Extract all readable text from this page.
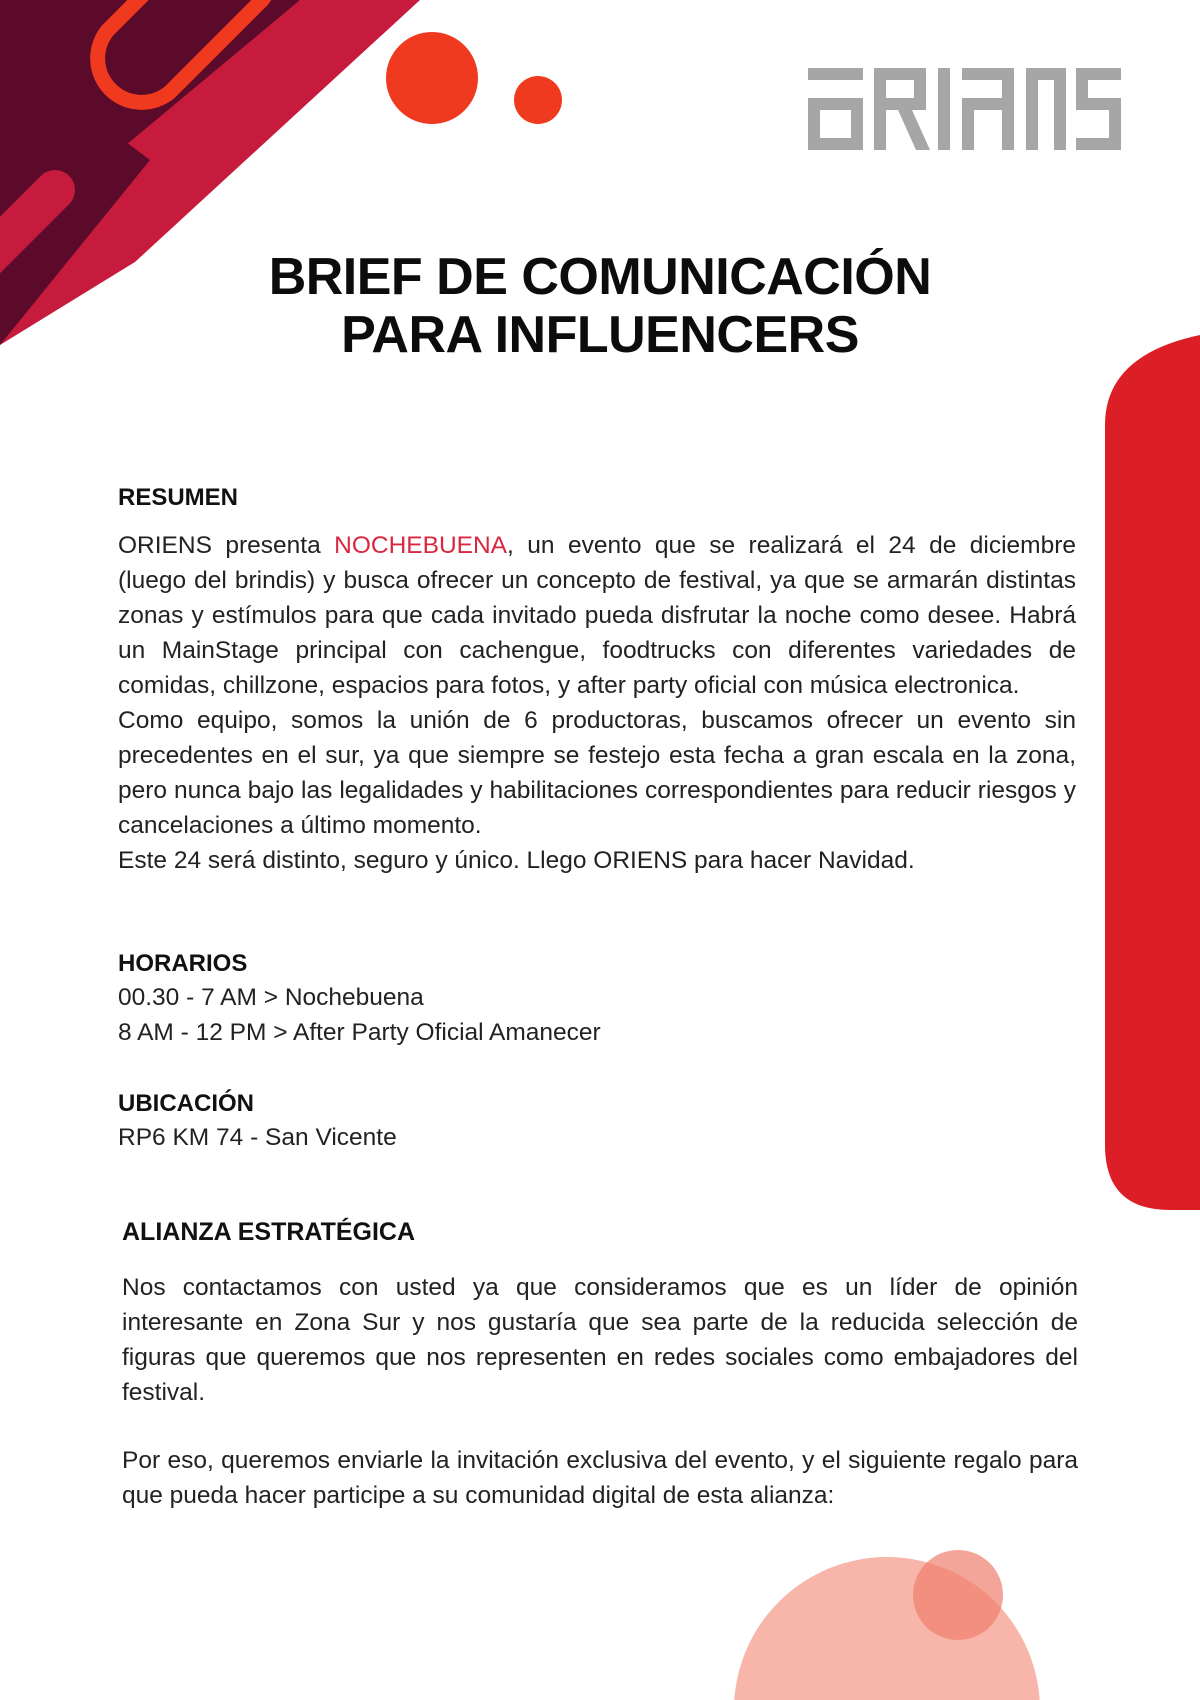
BRIEF DE COMUNICACIÓN
PARA INFLUENCERS
RESUMEN

ORIENS presenta NOCHEBUENA, un evento que se realizará el 24 de diciembre (luego del brindis) y busca ofrecer un concepto de festival, ya que se armarán distintas zonas y estímulos para que cada invitado pueda disfrutar la noche como desee. Habrá un MainStage principal con cachengue, foodtrucks con diferentes variedades de comidas, chillzone, espacios para fotos, y after party oficial con música electronica.

Como equipo, somos la unión de 6 productoras, buscamos ofrecer un evento sin precedentes en el sur, ya que siempre se festejo esta fecha a gran escala en la zona, pero nunca bajo las legalidades y habilitaciones correspondientes para reducir riesgos y cancelaciones a último momento.

Este 24 será distinto, seguro y único. Llego ORIENS para hacer Navidad.

HORARIOS
00.30 - 7 AM > Nochebuena
8 AM - 12 PM > After Party Oficial Amanecer
UBICACIÓN
RP6 KM 74 - San Vicente
ALIANZA ESTRATÉGICA
Nos contactamos con usted ya que consideramos que es un líder de opinión interesante en Zona Sur y nos gustaría que sea parte de la reducida selección de figuras que queremos que nos representen en redes sociales como embajadores del festival.
Por eso, queremos enviarle la invitación exclusiva del evento, y el siguiente regalo para que pueda hacer participe a su comunidad digital de esta alianza:
